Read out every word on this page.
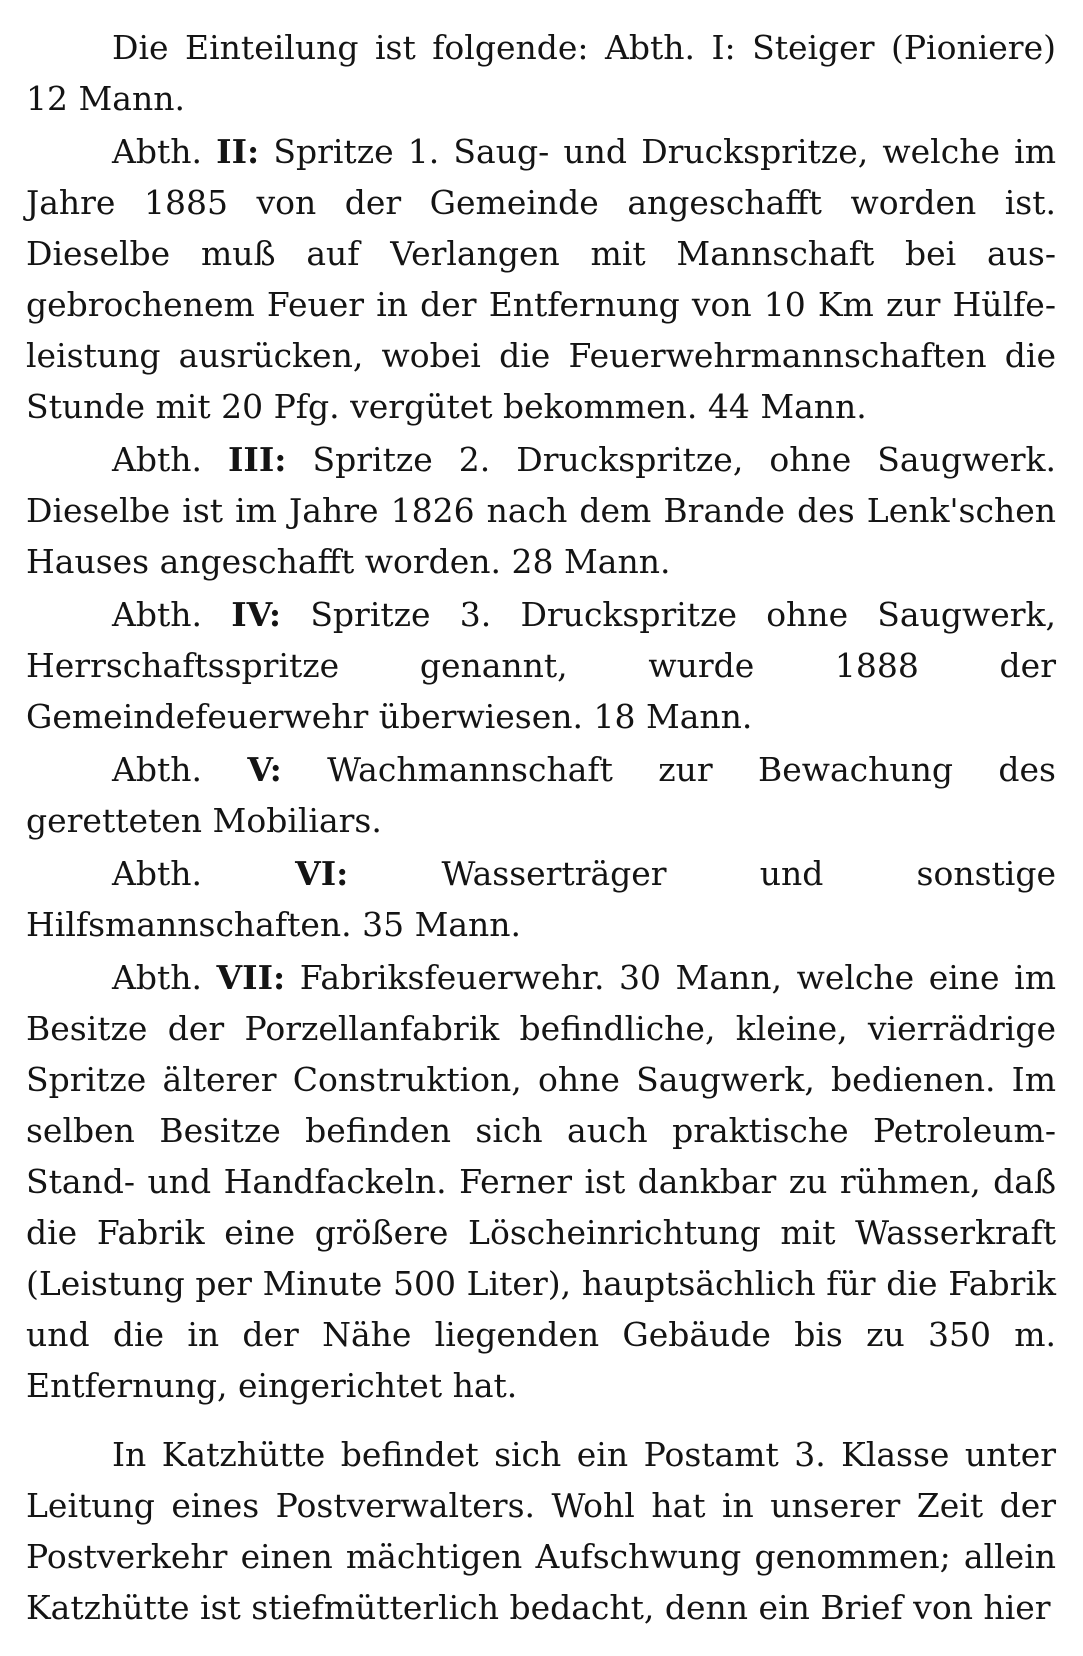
Die Einteilung ist folgende: Abth. I: Steiger (Pioniere) 12 Mann.

Abth. II: Spritze 1. Saug- und Druckspritze, welche im Jahre 1885 von der Gemeinde angeschafft worden ist. Dieselbe muß auf Verlangen mit Mannschaft bei ausgebrochenem Feuer in der Entfernung von 10 Km zur Hülfeleistung ausrücken, wobei die Feuerwehrmannschaften die Stunde mit 20 Pfg. vergütet bekommen. 44 Mann.

Abth. III: Spritze 2. Druckspritze, ohne Saugwerk. Dieselbe ist im Jahre 1826 nach dem Brande des Lenk'schen Hauses angeschafft worden. 28 Mann.

Abth. IV: Spritze 3. Druckspritze ohne Saugwerk, Herrschaftsspritze genannt, wurde 1888 der Gemeindefeuerwehr überwiesen. 18 Mann.

Abth. V: Wachmannschaft zur Bewachung des geretteten Mobiliars.

Abth.	VI:	Wasserträger und sonstige Hilfsmannschaften. 35 Mann.

Abth. VII: Fabriksfeuerwehr. 30 Mann, welche eine im Besitze der Porzellanfabrik befindliche, kleine, vierrädrige Spritze älterer Construktion, ohne Saugwerk, bedienen. Im selben Besitze befinden sich auch praktische Petroleum- Stand- und Handfackeln. Ferner ist dankbar zu rühmen, daß die Fabrik eine größere Löscheinrichtung mit Wasserkraft (Leistung per Minute 500 Liter), hauptsächlich für die Fabrik und die in der Nähe liegenden Gebäude bis zu 350 m. Entfernung, eingerichtet hat.

In Katzhütte befindet sich ein Postamt 3. Klasse unter Leitung eines Postverwalters. Wohl hat in unserer Zeit der Postverkehr einen mächtigen Aufschwung genommen; allein Katzhütte ist stiefmütterlich bedacht, denn ein Brief von hier
